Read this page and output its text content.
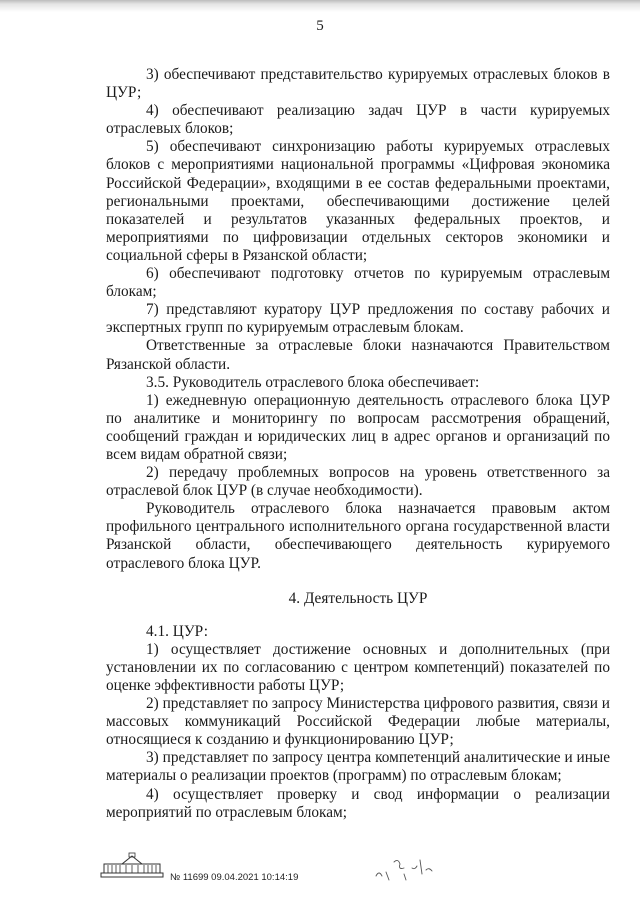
5

3) обеспечивают представительство курируемых отраслевых блоков в ЦУР;

4) обеспечивают реализацию задач ЦУР в части курируемых отраслевых блоков;

5) обеспечивают синхронизацию работы курируемых отраслевых блоков с мероприятиями национальной программы «Цифровая экономика Российской Федерации», входящими в ее состав федеральными проектами, региональными проектами, обеспечивающими достижение целей показателей и результатов указанных федеральных проектов, и мероприятиями по цифровизации отдельных секторов экономики и социальной сферы в Рязанской области;

6) обеспечивают подготовку отчетов по курируемым отраслевым блокам;

7) представляют куратору ЦУР предложения по составу рабочих и экспертных групп по курируемым отраслевым блокам.

Ответственные за отраслевые блоки назначаются Правительством Рязанской области.

3.5. Руководитель отраслевого блока обеспечивает:

1) ежедневную операционную деятельность отраслевого блока ЦУР по аналитике и мониторингу по вопросам рассмотрения обращений, сообщений граждан и юридических лиц в адрес органов и организаций по всем видам обратной связи;

2) передачу проблемных вопросов на уровень ответственного за отраслевой блок ЦУР (в случае необходимости).

Руководитель отраслевого блока назначается правовым актом профильного центрального исполнительного органа государственной власти Рязанской области, обеспечивающего деятельность курируемого отраслевого блока ЦУР.

4. Деятельность ЦУР

4.1. ЦУР:

1) осуществляет достижение основных и дополнительных (при установлении их по согласованию с центром компетенций) показателей по оценке эффективности работы ЦУР;

2) представляет по запросу Министерства цифрового развития, связи и массовых коммуникаций Российской Федерации любые материалы, относящиеся к созданию и функционированию ЦУР;

3) представляет по запросу центра компетенций аналитические и иные материалы о реализации проектов (программ) по отраслевым блокам;

4) осуществляет проверку и свод информации о реализации мероприятий по отраслевым блокам;

№ 11699 09.04.2021 10:14:19
